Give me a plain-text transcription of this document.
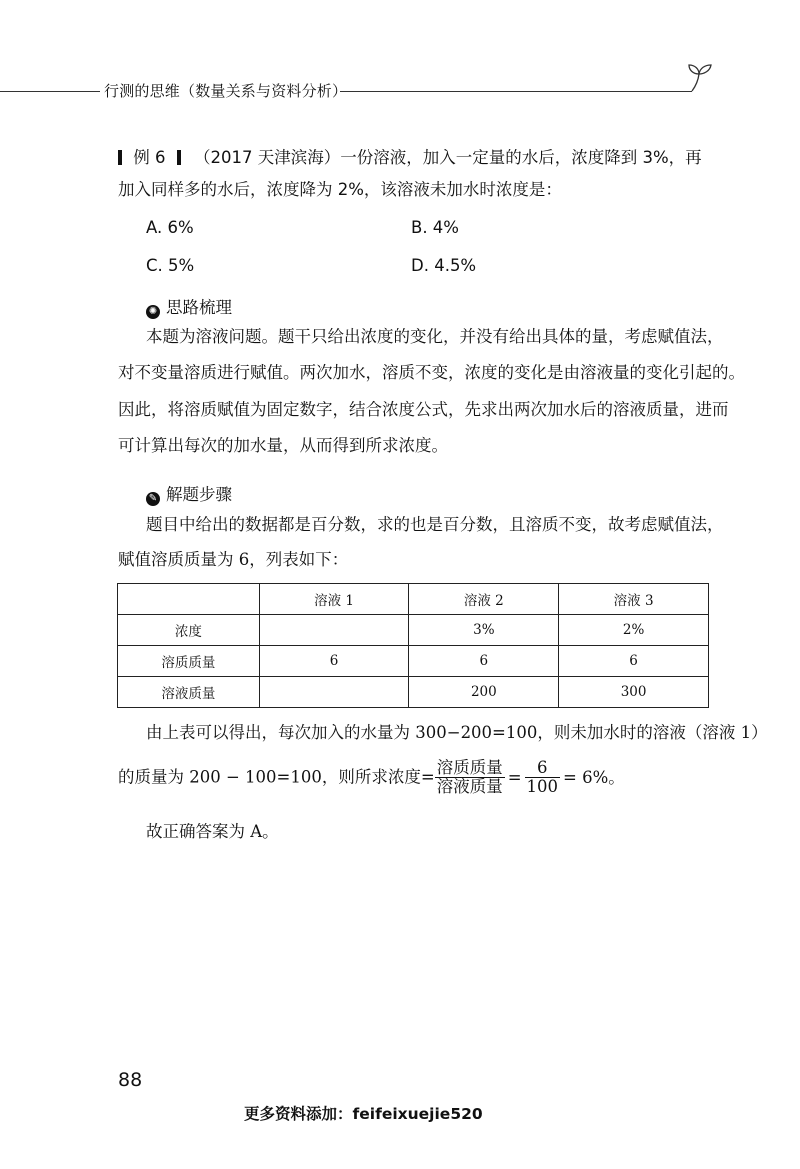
行测的思维（数量关系与资料分析）
例 6 （2017 天津滨海）一份溶液，加入一定量的水后，浓度降到 3%，再
加入同样多的水后，浓度降为 2%，该溶液未加水时浓度是：
A. 6%	B. 4%
C. 5%	D. 4.5%
✺ 思路梳理
本题为溶液问题。题干只给出浓度的变化，并没有给出具体的量，考虑赋值法，
对不变量溶质进行赋值。两次加水，溶质不变，浓度的变化是由溶液量的变化引起的。
因此，将溶质赋值为固定数字，结合浓度公式，先求出两次加水后的溶液质量，进而
可计算出每次的加水量，从而得到所求浓度。
✎ 解题步骤
题目中给出的数据都是百分数，求的也是百分数，且溶质不变，故考虑赋值法，
赋值溶质质量为 6，列表如下：
	溶液 1	溶液 2	溶液 3
浓度		3%	2%
溶质质量	6	6	6
溶液质量		200	300
由上表可以得出，每次加入的水量为 300−200=100，则未加水时的溶液（溶液 1）
的质量为 200 − 100=100，则所求浓度= $\frac{\text{溶质质量}}{\text{溶液质量}} = \frac{6}{100} = 6\%$。
故正确答案为 A。
88
更多资料添加：feifeixuejie520
